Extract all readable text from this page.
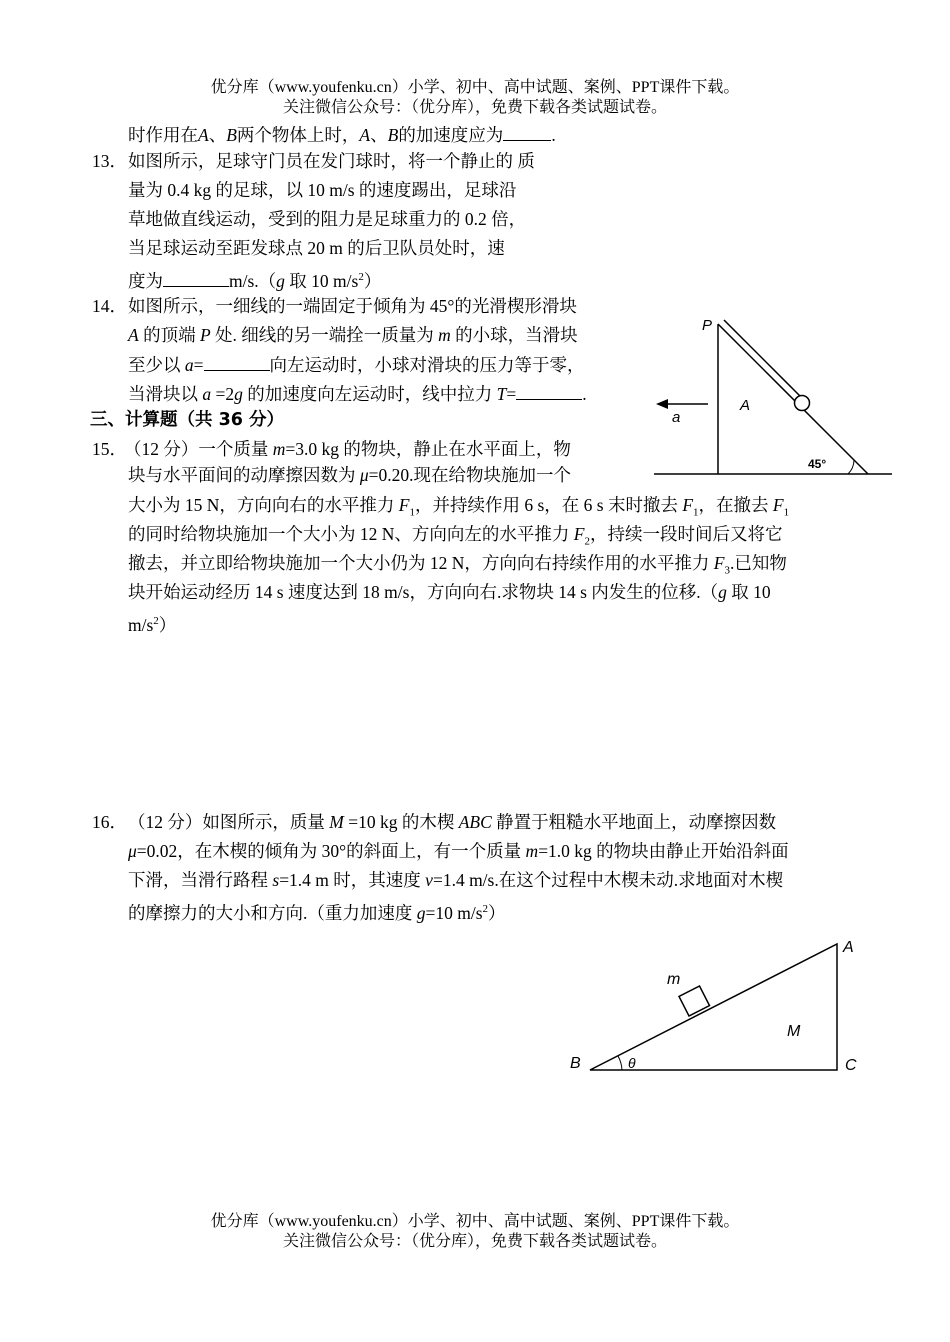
优分库（www.youfenku.cn）小学、初中、高中试题、案例、PPT课件下载。
关注微信公众号：（优分库），免费下载各类试题试卷。
时作用在A、B两个物体上时，A、B的加速度应为	.
13． 如图所示，足球守门员在发门球时，将一个静止的 质
量为 0.4 kg 的足球，以 10 m/s 的速度踢出，足球沿
草地做直线运动，受到的阻力是足球重力的 0.2 倍，
当足球运动至距发球点 20 m 的后卫队员处时，速
度为	m/s.（g 取 10 $m/s^2$）
14． 如图所示，一细线的一端固定于倾角为 45°的光滑楔形滑块
A 的顶端 P 处. 细线的另一端拴一质量为 m 的小球，当滑块
至少以 a=	向左运动时，小球对滑块的压力等于零，
当滑块以 a =2g 的加速度向左运动时，线中拉力 T=	.
P
A
a
45°
三、计算题（共 36 分）
15．
（12 分）一个质量 m=3.0 kg 的物块，静止在水平面上，物
块与水平面间的动摩擦因数为 μ=0.20.现在给物块施加一个
大小为 15 N，方向向右的水平推力 $F_1$，并持续作用 6 s，在 6 s 末时撤去 $F_1$，在撤去 $F_1$
的同时给物块施加一个大小为 12 N、方向向左的水平推力 $F_2$，持续一段时间后又将它
撤去，并立即给物块施加一个大小仍为 12 N，方向向右持续作用的水平推力 $F_3$.已知物
块开始运动经历 14 s 速度达到 18 m/s，方向向右.求物块 14 s 内发生的位移.（g 取 10
$m/s^2$）
16． （12 分）如图所示，质量 M =10 kg 的木楔 ABC 静置于粗糙水平地面上，动摩擦因数
μ=0.02，在木楔的倾角为 30°的斜面上，有一个质量 m=1.0 kg 的物块由静止开始沿斜面
下滑，当滑行路程 s=1.4 m 时，其速度 v=1.4 m/s.在这个过程中木楔未动.求地面对木楔
的摩擦力的大小和方向.（重力加速度 g=10 $m/s^2$）
A
B	C
M
m
θ
优分库（www.youfenku.cn）小学、初中、高中试题、案例、PPT课件下载。
关注微信公众号：（优分库），免费下载各类试题试卷。
